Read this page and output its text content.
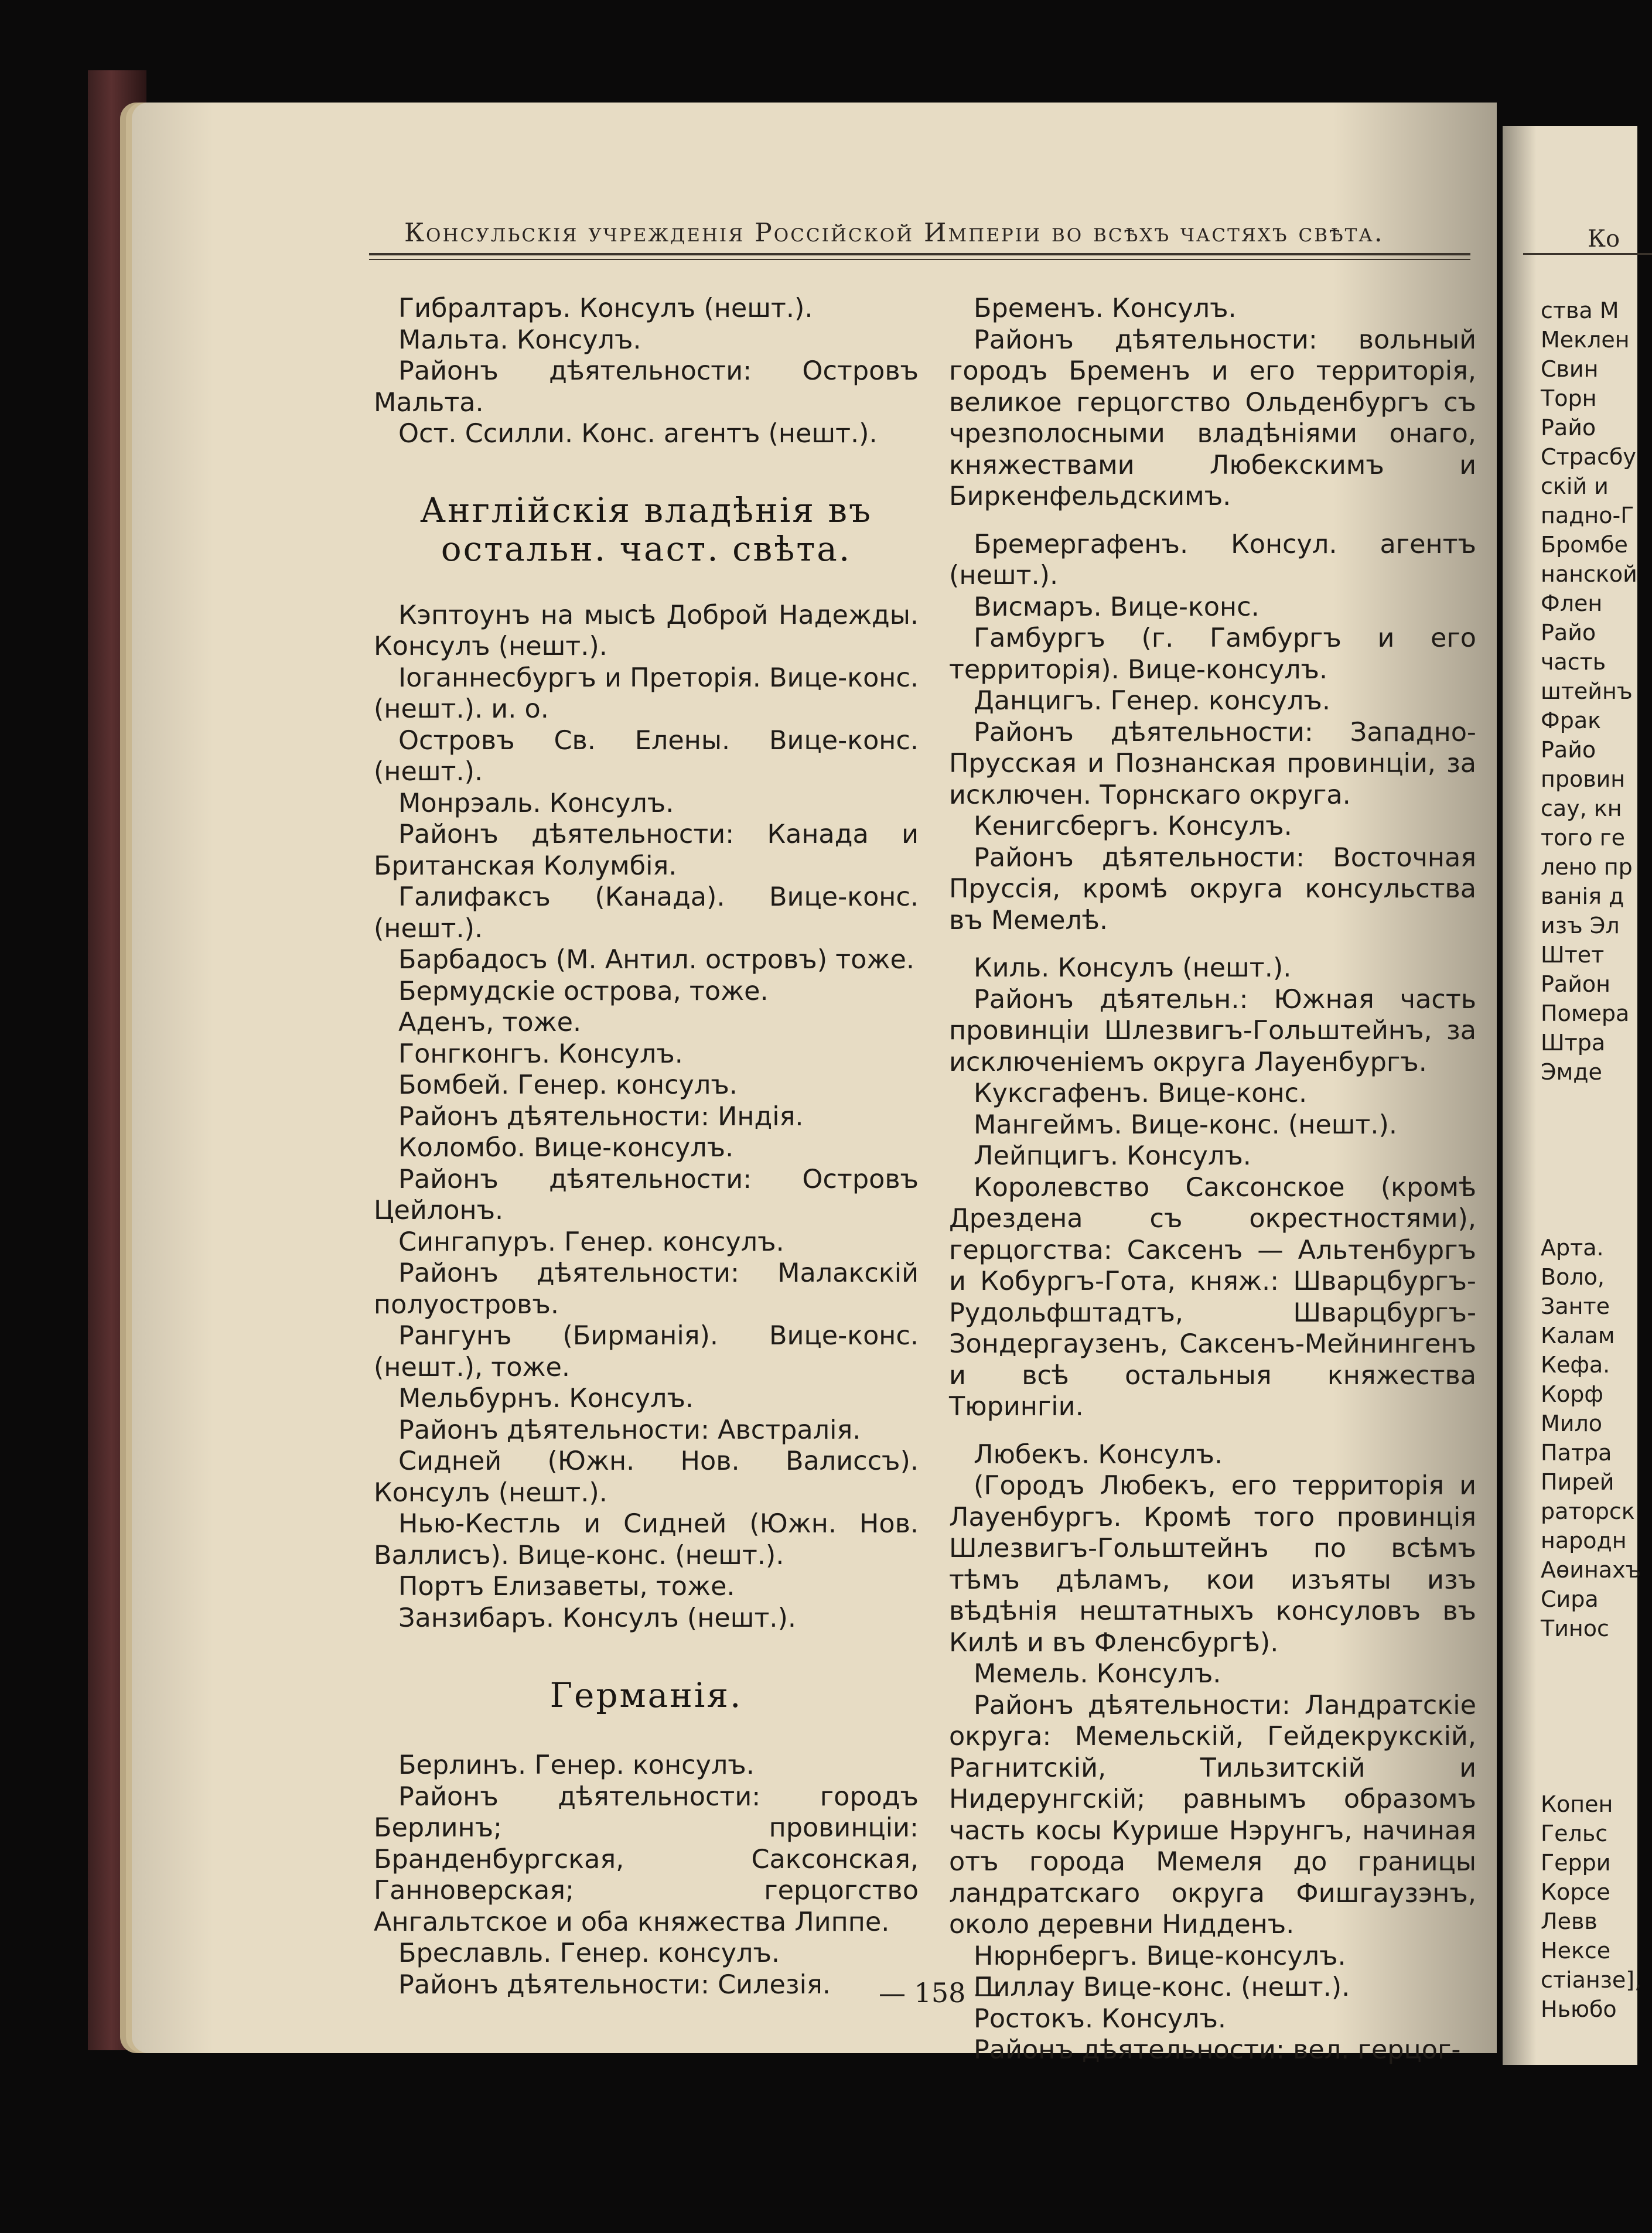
Консульскія учрежденія Россійской Имперіи во всѣхъ частяхъ свѣта.

Гибралтаръ. Консулъ (нешт.).

Мальта. Консулъ.

Районъ дѣятельности: Островъ Мальта.

Ост. Ссилли. Конс. агентъ (нешт.).

Англійскія владѣнія въ остальн. част. свѣта.

Кэптоунъ на мысѣ Доброй Надежды. Консулъ (нешт.).

Іоганнесбургъ и Преторія. Вице-конс. (нешт.). и. о.

Островъ Св. Елены. Вице-конс. (нешт.).

Монрэаль. Консулъ.

Районъ дѣятельности: Канада и Британская Колумбія.

Галифаксъ (Канада). Вице-конс. (нешт.).

Барбадосъ (М. Антил. островъ) тоже.

Бермудскіе острова, тоже.

Аденъ, тоже.

Гонгконгъ. Консулъ.

Бомбей. Генер. консулъ.

Районъ дѣятельности: Индія.

Коломбо. Вице-консулъ.

Районъ дѣятельности: Островъ Цейлонъ.

Сингапуръ. Генер. консулъ.

Районъ дѣятельности: Малакскій полуостровъ.

Рангунъ (Бирманія). Вице-конс. (нешт.), тоже.

Мельбурнъ. Консулъ.

Районъ дѣятельности: Австралія.

Сидней (Южн. Нов. Валиссъ). Консулъ (нешт.).

Нью-Кестль и Сидней (Южн. Нов. Валлисъ). Вице-конс. (нешт.).

Портъ Елизаветы, тоже.

Занзибаръ. Консулъ (нешт.).

Германія.

Берлинъ. Генер. консулъ.

Районъ дѣятельности: городъ Берлинъ; провинціи: Бранденбургская, Саксонская, Ганноверская; герцогство Ангальтское и оба княжества Липпе.

Бреславль. Генер. консулъ.

Районъ дѣятельности: Силезія.

Бременъ. Консулъ.

Районъ дѣятельности: вольный городъ Бременъ и его территорія, великое герцогство Ольденбургъ съ чрезполосными владѣніями онаго, княжествами Любекскимъ и Биркенфельдскимъ.

Бремергафенъ. Консул. агентъ (нешт.).

Висмаръ. Вице-конс.

Гамбургъ (г. Гамбургъ и его территорія). Вице-консулъ.

Данцигъ. Генер. консулъ.

Районъ дѣятельности: Западно-Прусская и Познанская провинціи, за исключен. Торнскаго округа.

Кенигсбергъ. Консулъ.

Районъ дѣятельности: Восточная Пруссія, кромѣ округа консульства въ Мемелѣ.

Киль. Консулъ (нешт.).

Районъ дѣятельн.: Южная часть провинціи Шлезвигъ-Гольштейнъ, за исключеніемъ округа Лауенбургъ.

Куксгафенъ. Вице-конс.

Мангеймъ. Вице-конс. (нешт.).

Лейпцигъ. Консулъ.

Королевство Саксонское (кромѣ Дрездена съ окрестностями), герцогства: Саксенъ — Альтенбургъ и Кобургъ-Гота, княж.: Шварцбургъ-Рудольфштадтъ, Шварцбургъ-Зондергаузенъ, Саксенъ-Мейнингенъ и всѣ остальныя княжества Тюрингіи.

Любекъ. Консулъ.

(Городъ Любекъ, его территорія и Лауенбургъ. Кромѣ того провинція Шлезвигъ-Гольштейнъ по всѣмъ тѣмъ дѣламъ, кои изъяты изъ вѣдѣнія нештатныхъ консуловъ въ Килѣ и въ Фленсбургѣ).

Мемель. Консулъ.

Районъ дѣятельности: Ландратскіе округа: Мемельскій, Гейдекрукскій, Рагнитскій, Тильзитскій и Нидерунгскій; равнымъ образомъ часть косы Курише Нэрунгъ, начиная отъ города Мемеля до границы ландратскаго округа Фишгаузэнъ, около деревни Нидденъ.

Нюрнбергъ. Вице-консулъ.

Пиллау Вице-конс. (нешт.).

Ростокъ. Консулъ.

Районъ дѣятельности: вел. герцог-

— 158 —
Ко
ства М
Меклен
Свин
Торн
Райо
Страсбу
скій и
падно-Г
Бромбе
нанской
Флен
Райо
часть
штейнъ
Фрак
Райо
провин
сау, кн
того ге
лено пр
ванія д
изъ Эл
Штет
Район
Помера
Штра
Эмде
Арта.
Воло,
Занте
Калам
Кефа.
Корф
Мило
Патра
Пирей
раторск
народн
Аѳинахъ
Сира
Тинос
Копен
Гельс
Герри
Корсе
Левв
Нексе
стіанзе],
Ньюбо
